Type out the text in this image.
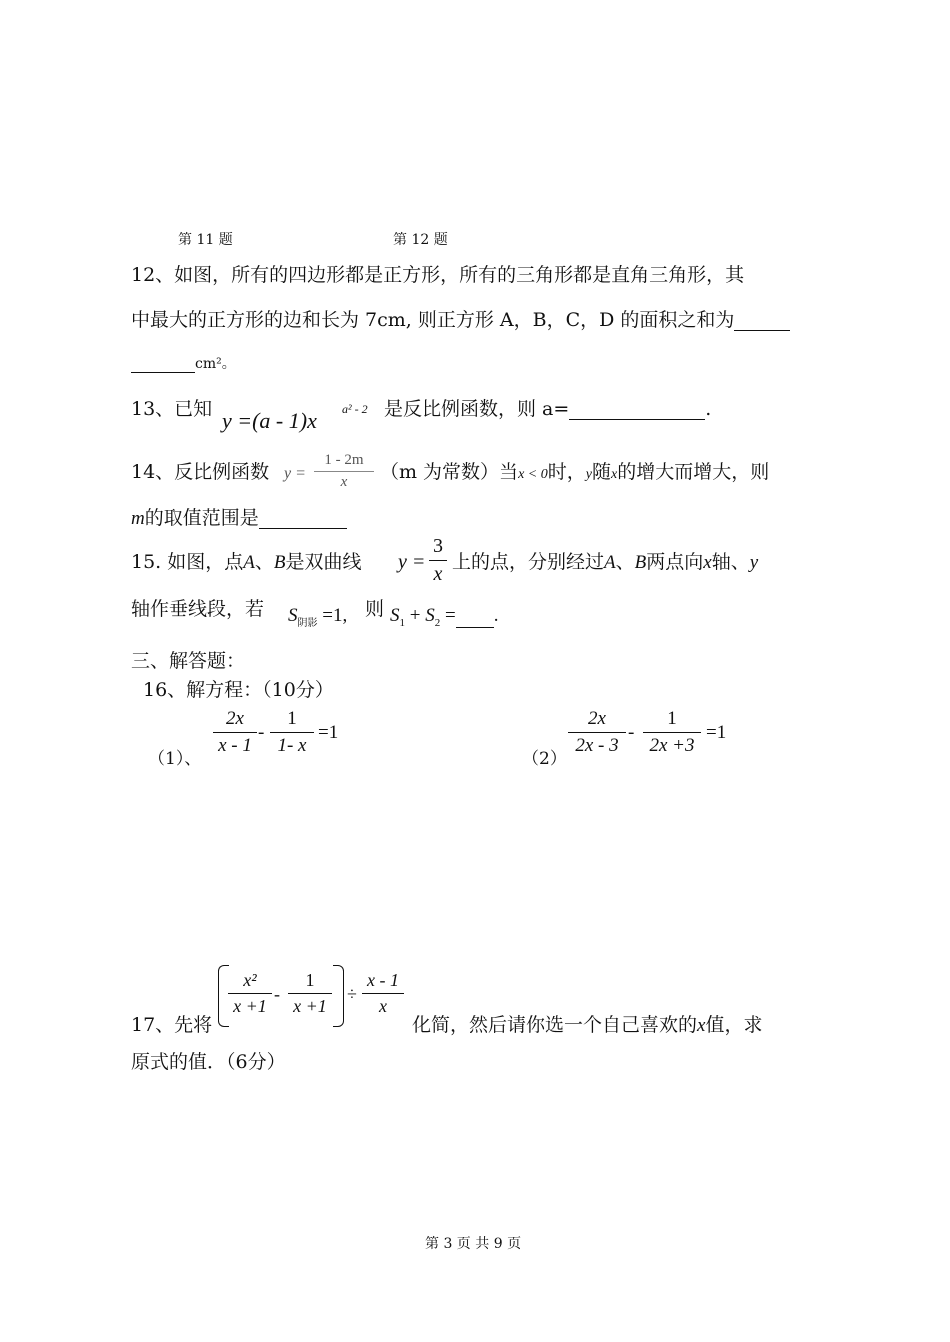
第 11 题	第 12 题
12、如图，所有的四边形都是正方形，所有的三角形都是直角三角形，其
中最大的正方形的边和长为 7cm, 则正方形 A，B，C，D 的面积之和为
cm²。
13、已知 y =(a - 1)x a² - 2 是反比例函数，则 a=	.
14、反比例函数 y =
1 - 2m
x	（m 为常数）当x < 0时，y随x的增大而增大，则
m的取值范围是
15. 如图，点A、B是双曲线 y =
3
x
上的点，分别经过A、B两点向x轴、y
轴作垂线段，若 $S_{阴影} =1$, 则 $S_1 + S_2$ = .
三、解答题：
16、解方程：（10分）
（1）、
2x
x - 1
-
1
1- x
=1
（2）
2x
2x - 3
-
1
2x +3
=1
17、先将
x²
x +1
-
1
x +1
÷
x - 1
x
化简，然后请你选一个自己喜欢的x值，求
原式的值．（6分）
第 3 页 共 9 页
